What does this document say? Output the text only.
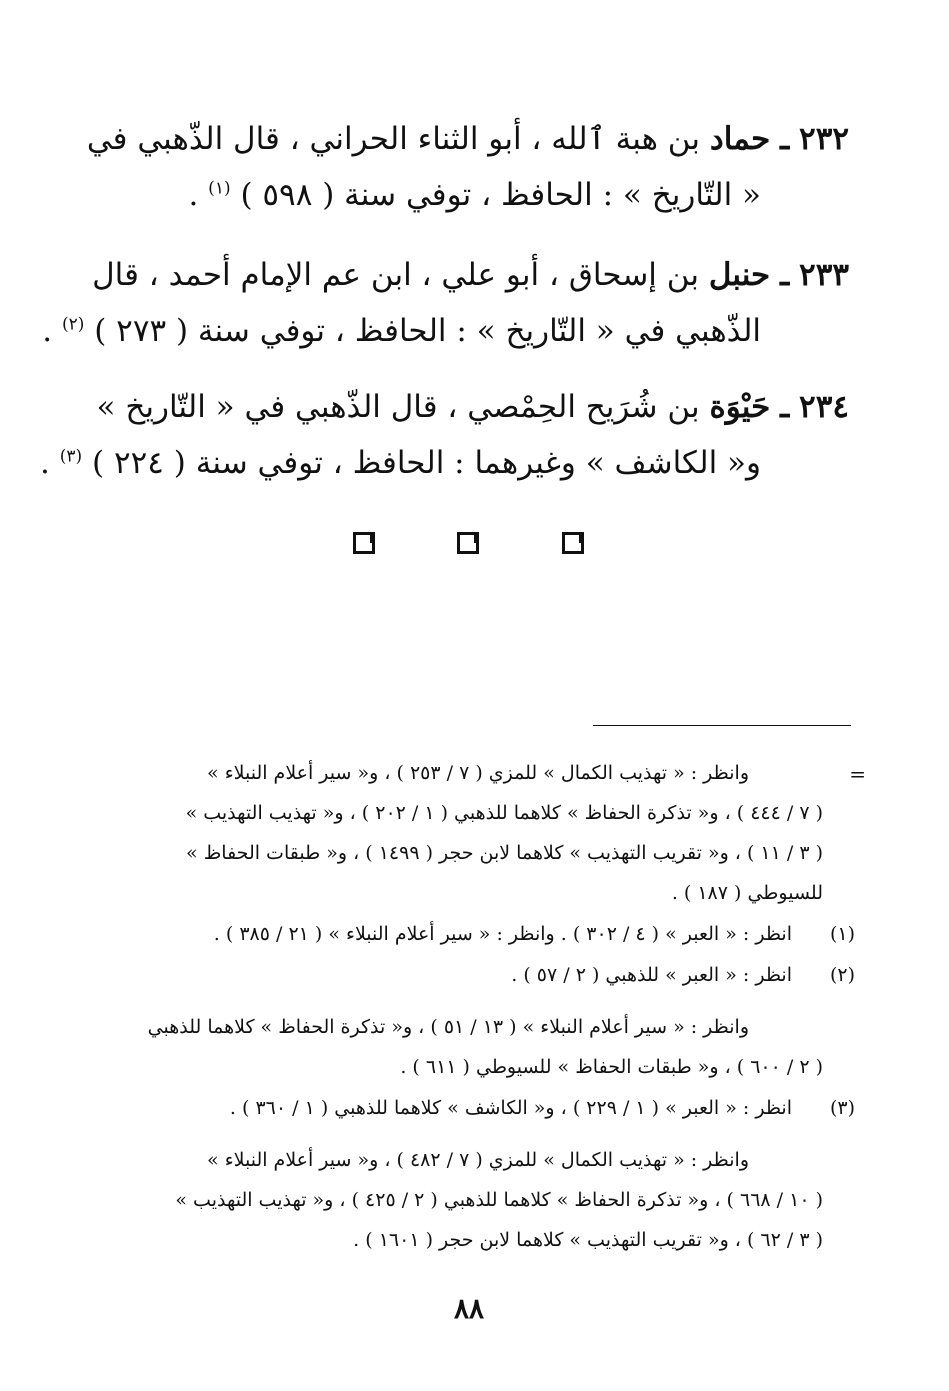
٢٣٢ ـ حماد بن هبة ٱلله ، أبو الثناء الحراني ، قال الذّهبي في
« التّاريخ » : الحافظ ، توفي سنة ( ٥٩٨ ) $^{(١)}$ .
٢٣٣ ـ حنبل بن إسحاق ، أبو علي ، ابن عم الإمام أحمد ، قال
الذّهبي في « التّاريخ » : الحافظ ، توفي سنة ( ٢٧٣ ) $^{(٢)}$ .
٢٣٤ ـ حَيْوَة بن شُرَيح الحِمْصي ، قال الذّهبي في « التّاريخ »
و« الكاشف » وغيرهما : الحافظ ، توفي سنة ( ٢٢٤ ) $^{(٣)}$ .
=
وانظر : « تهذيب الكمال » للمزي ( ٧ / ٢٥٣ ) ، و« سير أعلام النبلاء »
( ٧ / ٤٤٤ ) ، و« تذكرة الحفاظ » كلاهما للذهبي ( ١ / ٢٠٢ ) ، و« تهذيب التهذيب »
( ٣ / ١١ ) ، و« تقريب التهذيب » كلاهما لابن حجر ( ١٤٩٩ ) ، و« طبقات الحفاظ »
للسيوطي ( ١٨٧ ) .
(١)
انظر : « العبر » ( ٤ / ٣٠٢ ) . وانظر : « سير أعلام النبلاء » ( ٢١ / ٣٨٥ ) .
(٢)
انظر : « العبر » للذهبي ( ٢ / ٥٧ ) .
وانظر : « سير أعلام النبلاء » ( ١٣ / ٥١ ) ، و« تذكرة الحفاظ » كلاهما للذهبي
( ٢ / ٦٠٠ ) ، و« طبقات الحفاظ » للسيوطي ( ٦١١ ) .
(٣)
انظر : « العبر » ( ١ / ٢٢٩ ) ، و« الكاشف » كلاهما للذهبي ( ١ / ٣٦٠ ) .
وانظر : « تهذيب الكمال » للمزي ( ٧ / ٤٨٢ ) ، و« سير أعلام النبلاء »
( ١٠ / ٦٦٨ ) ، و« تذكرة الحفاظ » كلاهما للذهبي ( ٢ / ٤٢٥ ) ، و« تهذيب التهذيب »
( ٣ / ٦٢ ) ، و« تقريب التهذيب » كلاهما لابن حجر ( ١٦٠١ ) .
٨٨
